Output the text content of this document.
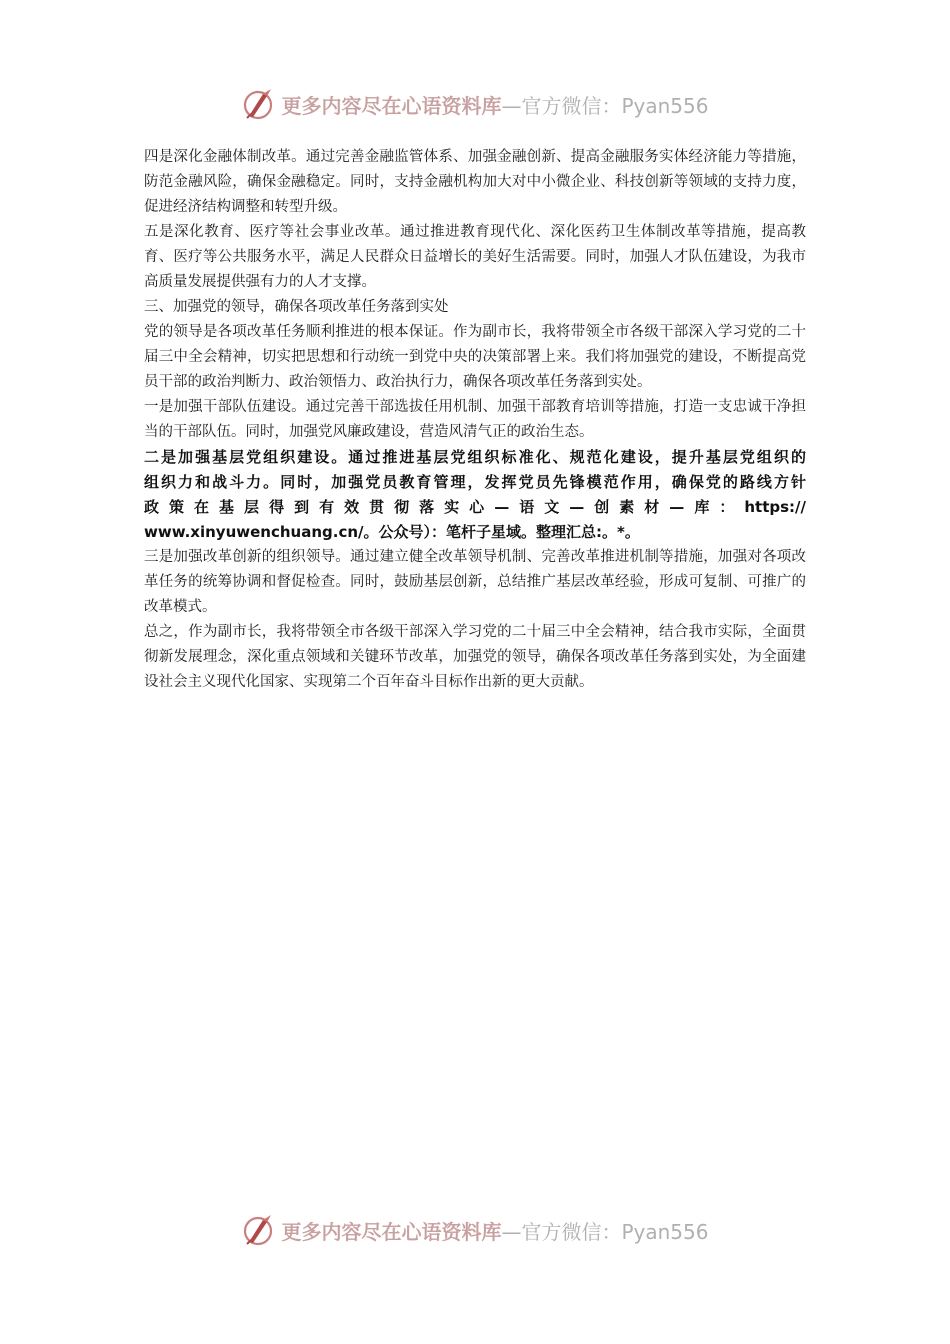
更多内容尽在心语资料库 —官方微信：Pyan556

四是深化金融体制改革。通过完善金融监管体系、加强金融创新、提高金融服务实体经济能力等措施，防范金融风险，确保金融稳定。同时，支持金融机构加大对中小微企业、科技创新等领域的支持力度，促进经济结构调整和转型升级。

五是深化教育、医疗等社会事业改革。通过推进教育现代化、深化医药卫生体制改革等措施，提高教育、医疗等公共服务水平，满足人民群众日益增长的美好生活需要。同时，加强人才队伍建设，为我市高质量发展提供强有力的人才支撑。

三、加强党的领导，确保各项改革任务落到实处

党的领导是各项改革任务顺利推进的根本保证。作为副市长，我将带领全市各级干部深入学习党的二十届三中全会精神，切实把思想和行动统一到党中央的决策部署上来。我们将加强党的建设，不断提高党员干部的政治判断力、政治领悟力、政治执行力，确保各项改革任务落到实处。

一是加强干部队伍建设。通过完善干部选拔任用机制、加强干部教育培训等措施，打造一支忠诚干净担当的干部队伍。同时，加强党风廉政建设，营造风清气正的政治生态。

二是加强基层党组织建设。通过推进基层党组织标准化、规范化建设，提升基层党组织的
组织力和战斗力。同时，加强党员教育管理，发挥党员先锋模范作用，确保党的路线方针
政策在基层得到有效贯彻落实心—语文—创素材—库：https://
www.xinyuwenchuang.cn/。公众号）：笔杆子星域。整理汇总:。*。

三是加强改革创新的组织领导。通过建立健全改革领导机制、完善改革推进机制等措施，加强对各项改革任务的统筹协调和督促检查。同时，鼓励基层创新，总结推广基层改革经验，形成可复制、可推广的改革模式。

总之，作为副市长，我将带领全市各级干部深入学习党的二十届三中全会精神，结合我市实际，全面贯彻新发展理念，深化重点领域和关键环节改革，加强党的领导，确保各项改革任务落到实处，为全面建设社会主义现代化国家、实现第二个百年奋斗目标作出新的更大贡献。

更多内容尽在心语资料库 —官方微信：Pyan556
